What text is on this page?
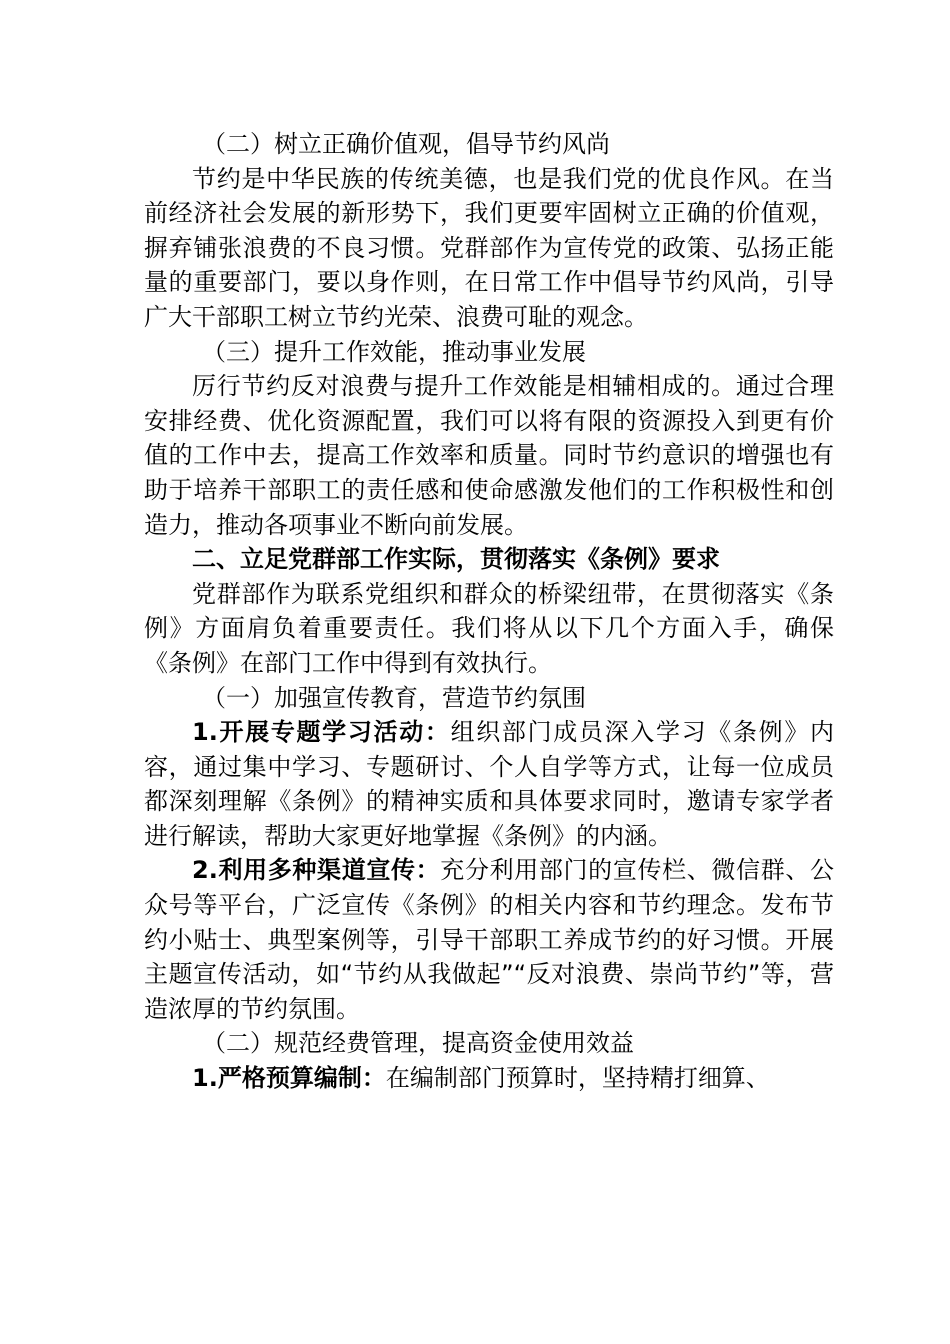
（二）树立正确价值观，倡导节约风尚

节约是中华民族的传统美德，也是我们党的优良作风。在当前经济社会发展的新形势下，我们更要牢固树立正确的价值观，摒弃铺张浪费的不良习惯。党群部作为宣传党的政策、弘扬正能量的重要部门，要以身作则，在日常工作中倡导节约风尚，引导广大干部职工树立节约光荣、浪费可耻的观念。

（三）提升工作效能，推动事业发展

厉行节约反对浪费与提升工作效能是相辅相成的。通过合理安排经费、优化资源配置，我们可以将有限的资源投入到更有价值的工作中去，提高工作效率和质量。同时节约意识的增强也有助于培养干部职工的责任感和使命感激发他们的工作积极性和创造力，推动各项事业不断向前发展。

二、立足党群部工作实际，贯彻落实《条例》要求

党群部作为联系党组织和群众的桥梁纽带，在贯彻落实《条例》方面肩负着重要责任。我们将从以下几个方面入手，确保《条例》在部门工作中得到有效执行。

（一）加强宣传教育，营造节约氛围

1.开展专题学习活动：组织部门成员深入学习《条例》内容，通过集中学习、专题研讨、个人自学等方式，让每一位成员都深刻理解《条例》的精神实质和具体要求同时，邀请专家学者进行解读，帮助大家更好地掌握《条例》的内涵。

2.利用多种渠道宣传：充分利用部门的宣传栏、微信群、公众号等平台，广泛宣传《条例》的相关内容和节约理念。发布节约小贴士、典型案例等，引导干部职工养成节约的好习惯。开展主题宣传活动，如“节约从我做起”“反对浪费、崇尚节约”等，营造浓厚的节约氛围。

（二）规范经费管理，提高资金使用效益

1.严格预算编制：在编制部门预算时，坚持精打细算、
